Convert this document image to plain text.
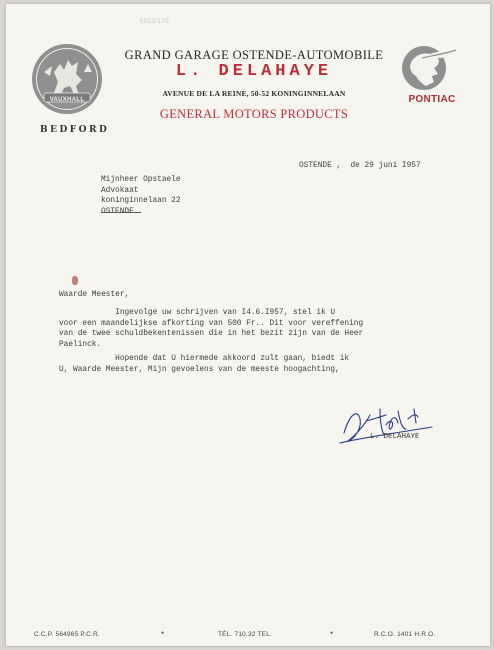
5023/170
VAUXHALL
BEDFORD
PONTIAC
GRAND GARAGE OSTENDE-AUTOMOBILE
L. DELAHAYE
AVENUE DE LA REINE, 50-52 KONINGINNELAAN
GENERAL MOTORS PRODUCTS
OSTENDE ,  de 29 juni I957
Mijnheer Opstaele
Advokaat
koninginnelaan 22
OSTENDE
Waarde Meester,
Ingevolge uw schrijven van I4.6.I957, stel ik U
voor een maandelijkse afkorting van 500 Fr.. Dit voor vereffening
van de twee schuldbekentenissen die in het bezit zijn van de Heer
Paelinck.
Hopende dat U hiermede akkoord zult gaan, biedt ik
U, Waarde Meester, Mijn gevoelens van de meeste hoogachting,
L. DELAHAYE
C.C.P. 564965 P.C.R.	•	TÉL. 710.32 TEL.	•	R.C.O. 1401 H.R.O.
